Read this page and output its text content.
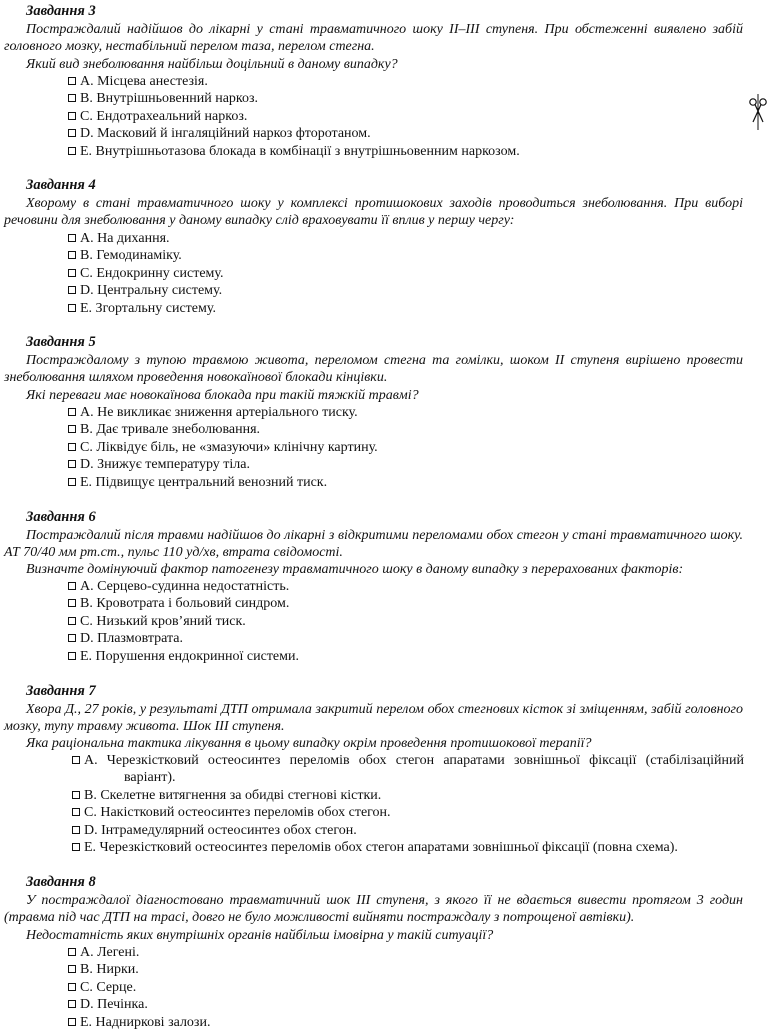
Завдання 3
Постраждалий надійшов до лікарні у стані травматичного шоку II–III ступеня. При обстеженні виявлено забій головного мозку, нестабільний перелом таза, перелом стегна.
Який вид знеболювання найбільш доцільний в даному випадку?
А. Місцева анестезія.
В. Внутрішньовенний наркоз.
С. Ендотрахеальний наркоз.
D. Масковий й інгаляційний наркоз фторотаном.
Е. Внутрішньотазова блокада в комбінації з внутрішньовенним наркозом.
Завдання 4
Хворому в стані травматичного шоку у комплексі протишокових заходів проводиться знеболювання. При виборі речовини для знеболювання у даному випадку слід враховувати її вплив у першу чергу:
А. На дихання.
В. Гемодинаміку.
С. Ендокринну систему.
D. Центральну систему.
Е. Згортальну систему.
Завдання 5
Постраждалому з тупою травмою живота, переломом стегна та гомілки, шоком II ступеня вирішено провести знеболювання шляхом проведення новокаїнової блокади кінцівки.
Які переваги має новокаїнова блокада при такій тяжкій травмі?
А. Не викликає зниження артеріального тиску.
В. Дає тривале знеболювання.
С. Ліквідує біль, не «змазуючи» клінічну картину.
D. Знижує температуру тіла.
Е. Підвищує центральний венозний тиск.
Завдання 6
Постраждалий після травми надійшов до лікарні з відкритими переломами обох стегон у стані травматичного шоку. АТ 70/40 мм рт.ст., пульс 110 уд/хв, втрата свідомості.
Визначте домінуючий фактор патогенезу травматичного шоку в даному випадку з перерахованих факторів:
А. Серцево-судинна недостатність.
В. Кровотрата і больовий синдром.
С. Низький кров’яний тиск.
D. Плазмовтрата.
Е. Порушення ендокринної системи.
Завдання 7
Хвора Д., 27 років, у результаті ДТП отримала закритий перелом обох стегнових кісток зі зміщенням, забій головного мозку, тупу травму живота. Шок III ступеня.
Яка раціональна тактика лікування в цьому випадку окрім проведення протишокової терапії?
А. Черезкістковий остеосинтез переломів обох стегон апаратами зовнішньої фіксації (стабілізаційний варіант).
В. Скелетне витягнення за обидві стегнові кістки.
С. Накістковий остеосинтез переломів обох стегон.
D. Інтрамедулярний остеосинтез обох стегон.
Е. Черезкістковий остеосинтез переломів обох стегон апаратами зовнішньої фіксації (повна схема).
Завдання 8
У постраждалої діагностовано травматичний шок III ступеня, з якого її не вдається вивести протягом 3 годин (травма під час ДТП на трасі, довго не було можливості вийняти постраждалу з потрощеної автівки).
Недостатність яких внутрішніх органів найбільш імовірна у такій ситуації?
А. Легені.
В. Нирки.
С. Серце.
D. Печінка.
Е. Надниркові залози.
